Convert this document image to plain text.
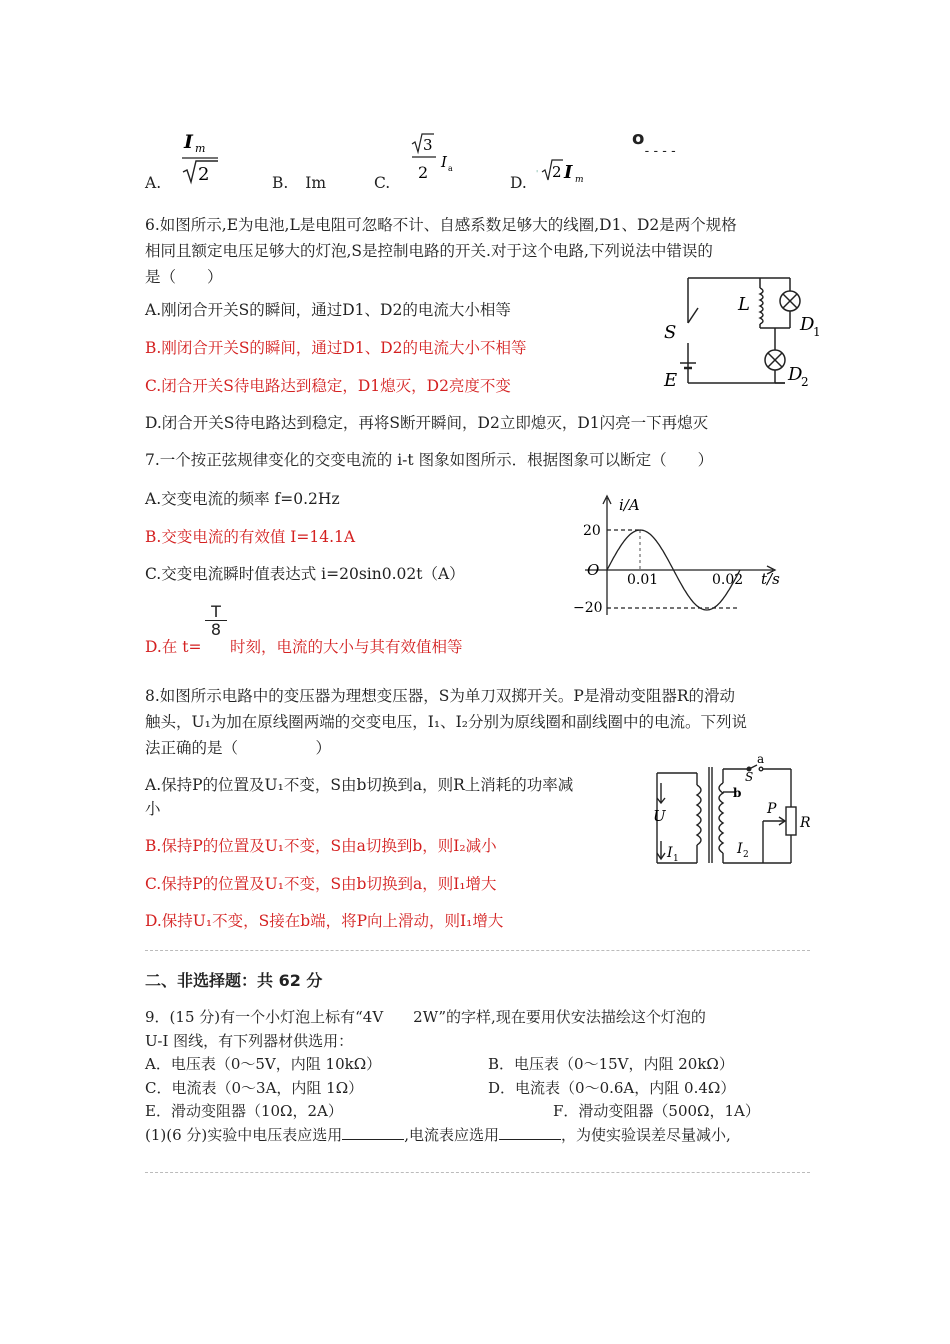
A.
I m
2	B. Im	C.
3
2
I a
D.
' 2 I m
o
----
6.如图所示,E为电池,L是电阻可忽略不计、自感系数足够大的线圈,D1、D2是两个规格
相同且额定电压足够大的灯泡,S是控制电路的开关.对于这个电路,下列说法中错误的
是（　　）
A.刚闭合开关S的瞬间，通过D1、D2的电流大小相等
B.刚闭合开关S的瞬间，通过D1、D2的电流大小不相等
C.闭合开关S待电路达到稳定，D1熄灭，D2亮度不变
D.闭合开关S待电路达到稳定，再将S断开瞬间，D2立即熄灭，D1闪亮一下再熄灭
L
S
E
D
1
D
2
7.一个按正弦规律变化的交变电流的 i-t 图象如图所示．根据图象可以断定（　　）
A.交变电流的频率 f=0.2Hz
B.交变电流的有效值 I=14.1A
C.交变电流瞬时值表达式 i=20sin0.02t（A）
$\frac{T}{8}$
D.在 t= 时刻，电流的大小与其有效值相等
i/A
t/s
O
20
−20
0.01	0.02
8.如图所示电路中的变压器为理想变压器，S为单刀双掷开关。P是滑动变阻器R的滑动
触头，U₁为加在原线圈两端的交变电压，I₁、I₂分别为原线圈和副线圈中的电流。下列说
法正确的是（　　　　　）
A.保持P的位置及U₁不变，S由b切换到a，则R上消耗的功率减
小
B.保持P的位置及U₁不变，S由a切换到b，则I₂减小
C.保持P的位置及U₁不变，S由b切换到a，则I₁增大
D.保持U₁不变，S接在b端，将P向上滑动，则I₁增大
a
b
S
P
R
U
I 1
I 2
二、非选择题：共 62 分
9．(15 分)有一个小灯泡上标有“4V　　2W”的字样,现在要用伏安法描绘这个灯泡的
U-I 图线，有下列器材供选用：
A．电压表（0～5V，内阻 10kΩ）	B．电压表（0～15V，内阻 20kΩ）
C．电流表（0～3A，内阻 1Ω）	D．电流表（0～0.6A，内阻 0.4Ω）
E．滑动变阻器（10Ω，2A）	F．滑动变阻器（500Ω，1A）
(1)(6 分)实验中电压表应选用	,电流表应选用	，为使实验误差尽量减小,
